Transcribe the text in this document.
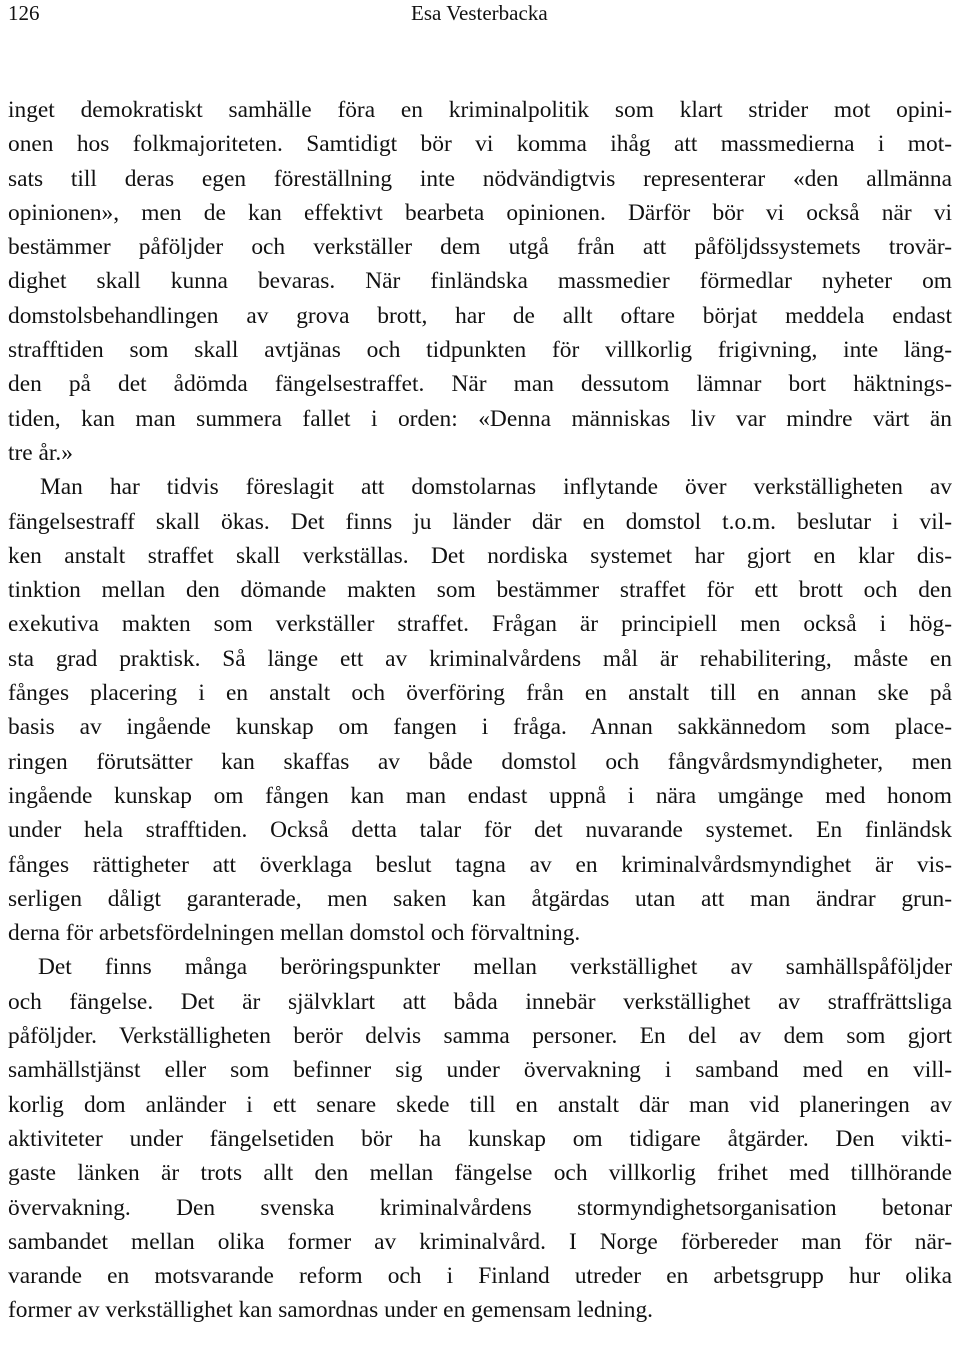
126	Esa Vesterbacka
inget demokratiskt samhälle föra en kriminalpolitik som klart strider mot opini-
onen hos folkmajoriteten. Samtidigt bör vi komma ihåg att massmedierna i mot-
sats till deras egen föreställning inte nödvändigtvis representerar «den allmänna
opinionen», men de kan effektivt bearbeta opinionen. Därför bör vi också när vi
bestämmer påföljder och verkställer dem utgå från att påföljdssystemets trovär-
dighet skall kunna bevaras. När finländska massmedier förmedlar nyheter om
domstolsbehandlingen av grova brott, har de allt oftare börjat meddela endast
strafftiden som skall avtjänas och tidpunkten för villkorlig frigivning, inte läng-
den på det ådömda fängelsestraffet. När man dessutom lämnar bort häktnings-
tiden, kan man summera fallet i orden: «Denna människas liv var mindre värt än
tre år.»
Man har tidvis föreslagit att domstolarnas inflytande över verkställigheten av
fängelsestraff skall ökas. Det finns ju länder där en domstol t.o.m. beslutar i vil-
ken anstalt straffet skall verkställas. Det nordiska systemet har gjort en klar dis-
tinktion mellan den dömande makten som bestämmer straffet för ett brott och den
exekutiva makten som verkställer straffet. Frågan är principiell men också i hög-
sta grad praktisk. Så länge ett av kriminalvårdens mål är rehabilitering, måste en
fånges placering i en anstalt och överföring från en anstalt till en annan ske på
basis av ingående kunskap om fangen i fråga. Annan sakkännedom som place-
ringen förutsätter kan skaffas av både domstol och fångvårdsmyndigheter, men
ingående kunskap om fången kan man endast uppnå i nära umgänge med honom
under hela strafftiden. Också detta talar för det nuvarande systemet. En finländsk
fånges rättigheter att överklaga beslut tagna av en kriminalvårdsmyndighet är vis-
serligen dåligt garanterade, men saken kan åtgärdas utan att man ändrar grun-
derna för arbetsfördelningen mellan domstol och förvaltning.
Det finns många beröringspunkter mellan verkställighet av samhällspåföljder
och fängelse. Det är självklart att båda innebär verkställighet av straffrättsliga
påföljder. Verkställigheten berör delvis samma personer. En del av dem som gjort
samhällstjänst eller som befinner sig under övervakning i samband med en vill-
korlig dom anländer i ett senare skede till en anstalt där man vid planeringen av
aktiviteter under fängelsetiden bör ha kunskap om tidigare åtgärder. Den vikti-
gaste länken är trots allt den mellan fängelse och villkorlig frihet med tillhörande
övervakning. Den svenska kriminalvårdens stormyndighetsorganisation betonar
sambandet mellan olika former av kriminalvård. I Norge förbereder man för när-
varande en motsvarande reform och i Finland utreder en arbetsgrupp hur olika
former av verkställighet kan samordnas under en gemensam ledning.
